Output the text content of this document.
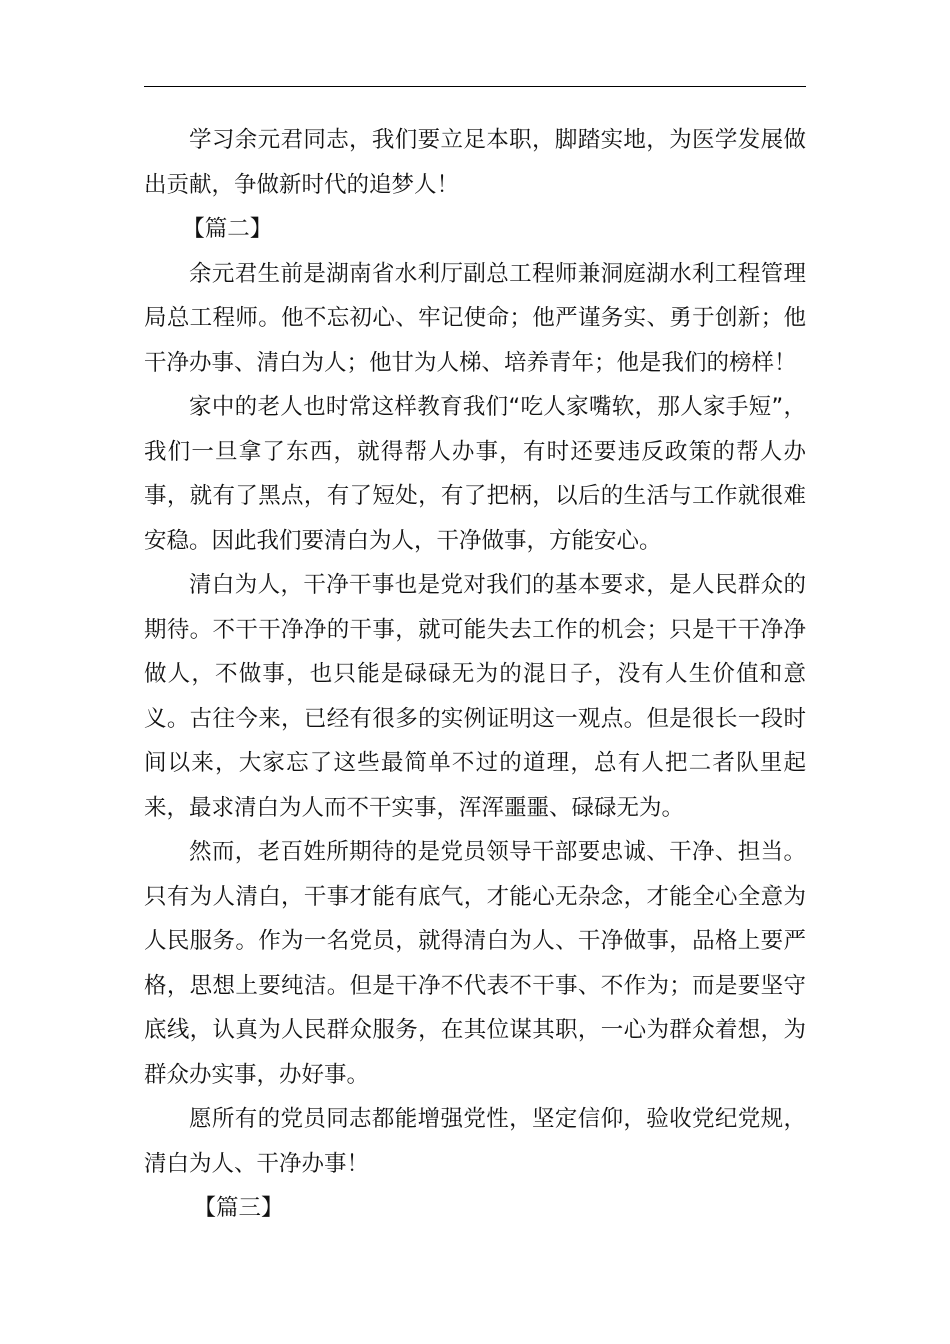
学习余元君同志，我们要立足本职，脚踏实地，为医学发展做出贡献，争做新时代的追梦人！

【篇二】

余元君生前是湖南省水利厅副总工程师兼洞庭湖水利工程管理局总工程师。他不忘初心、牢记使命；他严谨务实、勇于创新；他干净办事、清白为人；他甘为人梯、培养青年；他是我们的榜样！

家中的老人也时常这样教育我们“吃人家嘴软，那人家手短”，我们一旦拿了东西，就得帮人办事，有时还要违反政策的帮人办事，就有了黑点，有了短处，有了把柄，以后的生活与工作就很难安稳。因此我们要清白为人，干净做事，方能安心。

清白为人，干净干事也是党对我们的基本要求，是人民群众的期待。不干干净净的干事，就可能失去工作的机会；只是干干净净做人，不做事，也只能是碌碌无为的混日子，没有人生价值和意义。古往今来，已经有很多的实例证明这一观点。但是很长一段时间以来，大家忘了这些最简单不过的道理，总有人把二者队里起来，最求清白为人而不干实事，浑浑噩噩、碌碌无为。

然而，老百姓所期待的是党员领导干部要忠诚、干净、担当。只有为人清白，干事才能有底气，才能心无杂念，才能全心全意为人民服务。作为一名党员，就得清白为人、干净做事，品格上要严格，思想上要纯洁。但是干净不代表不干事、不作为；而是要坚守底线，认真为人民群众服务，在其位谋其职，一心为群众着想，为群众办实事，办好事。

愿所有的党员同志都能增强党性，坚定信仰，验收党纪党规，清白为人、干净办事！

【篇三】
